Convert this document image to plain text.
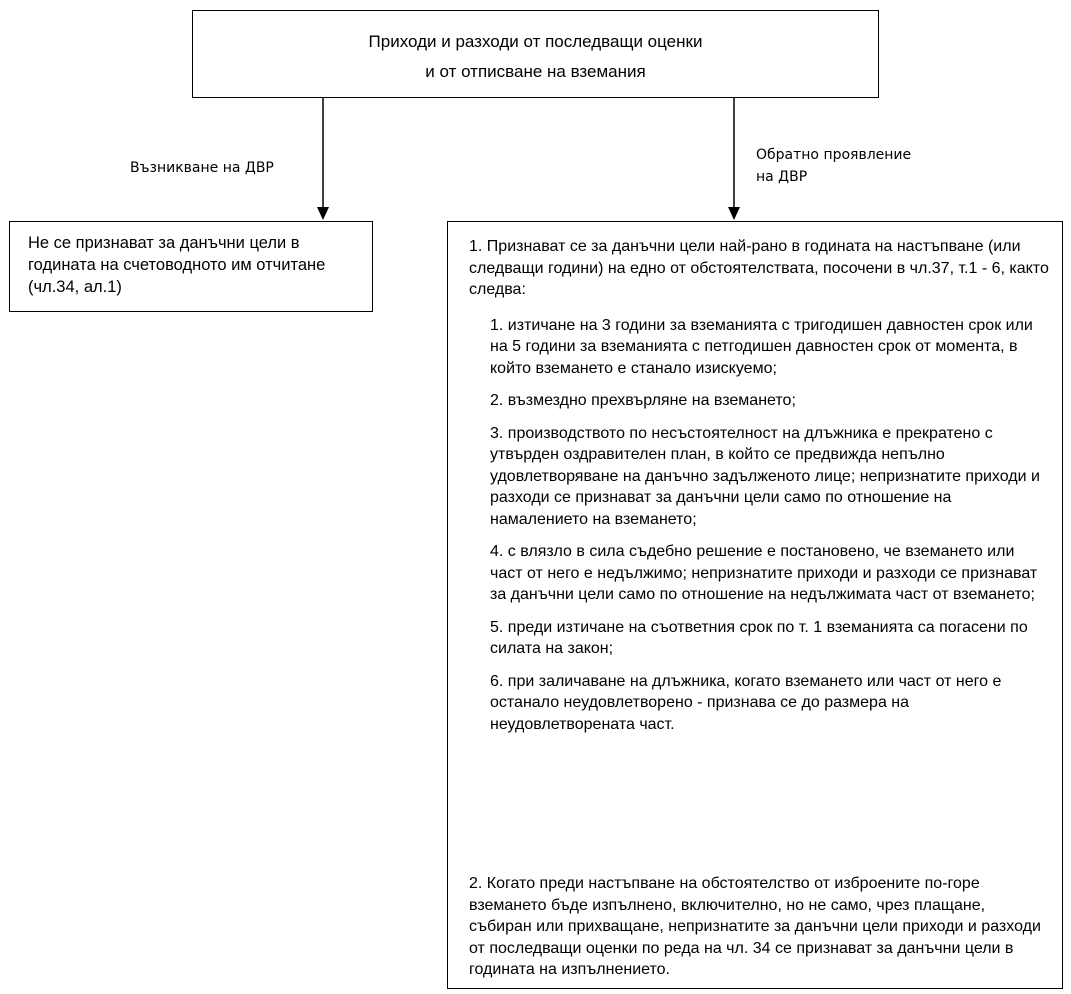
Приходи и разходи от последващи оценки
и от отписване на вземания
Възникване на ДВР
Обратно проявление
на ДВР
Не се признават за данъчни цели в годината на счетоводното им отчитане (чл.34, ал.1)
1. Признават се за данъчни цели най-рано в годината на настъпване (или следващи години) на едно от обстоятелствата, посочени в чл.37, т.1 - 6, както следва:
1. изтичане на 3 години за вземанията с тригодишен давностен срок или на 5 години за вземанията с петгодишен давностен срок от момента, в който вземането е станало изискуемо;
2. възмездно прехвърляне на вземането;
3. производството по несъстоятелност на длъжника е прекратено с утвърден оздравителен план, в който се предвижда непълно удовлетворяване на данъчно задълженото лице; непризнатите приходи и разходи се признават за данъчни цели само по отношение на намалението на вземането;
4. с влязло в сила съдебно решение е постановено, че вземането или част от него е недължимо; непризнатите приходи и разходи се признават за данъчни цели само по отношение на недължимата част от вземането;
5. преди изтичане на съответния срок по т. 1 вземанията са погасени по силата на закон;
6. при заличаване на длъжника, когато вземането или част от него е останало неудовлетворено - признава се до размера на неудовлетворената част.
2. Когато преди настъпване на обстоятелство от изброените по-горе вземането бъде изпълнено, включително, но не само, чрез плащане, събиран или прихващане, непризнатите за данъчни цели приходи и разходи от последващи оценки по реда на чл. 34 се признават за данъчни цели в годината на изпълнението.
